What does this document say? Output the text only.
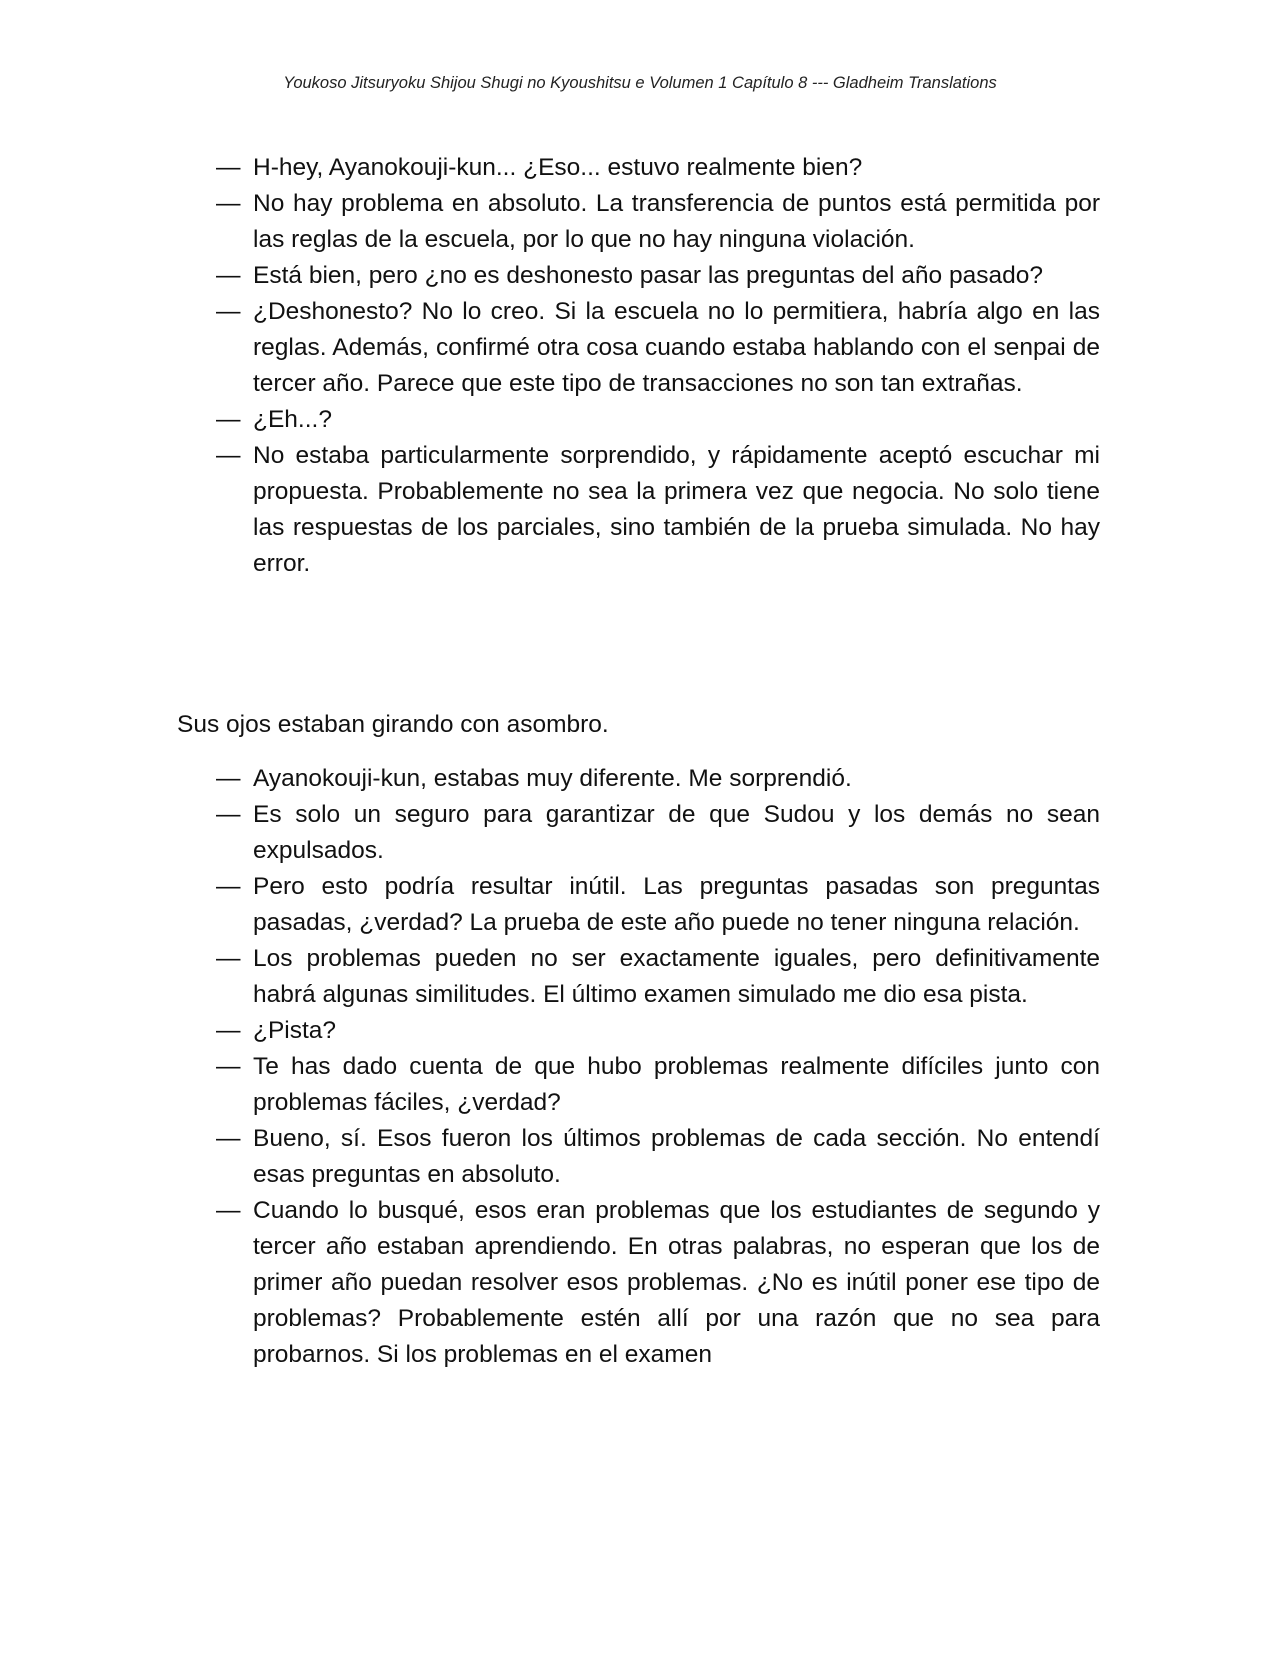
Youkoso Jitsuryoku Shijou Shugi no Kyoushitsu e Volumen 1 Capítulo 8 --- Gladheim Translations
— H-hey, Ayanokouji-kun... ¿Eso... estuvo realmente bien?
— No hay problema en absoluto. La transferencia de puntos está permitida por las reglas de la escuela, por lo que no hay ninguna violación.
— Está bien, pero ¿no es deshonesto pasar las preguntas del año pasado?
— ¿Deshonesto? No lo creo. Si la escuela no lo permitiera, habría algo en las reglas. Además, confirmé otra cosa cuando estaba hablando con el senpai de tercer año. Parece que este tipo de transacciones no son tan extrañas.
— ¿Eh...?
— No estaba particularmente sorprendido, y rápidamente aceptó escuchar mi propuesta. Probablemente no sea la primera vez que negocia. No solo tiene las respuestas de los parciales, sino también de la prueba simulada. No hay error.
Sus ojos estaban girando con asombro.
— Ayanokouji-kun, estabas muy diferente. Me sorprendió.
— Es solo un seguro para garantizar de que Sudou y los demás no sean expulsados.
— Pero esto podría resultar inútil. Las preguntas pasadas son preguntas pasadas, ¿verdad? La prueba de este año puede no tener ninguna relación.
— Los problemas pueden no ser exactamente iguales, pero definitivamente habrá algunas similitudes. El último examen simulado me dio esa pista.
— ¿Pista?
— Te has dado cuenta de que hubo problemas realmente difíciles junto con problemas fáciles, ¿verdad?
— Bueno, sí. Esos fueron los últimos problemas de cada sección. No entendí esas preguntas en absoluto.
— Cuando lo busqué, esos eran problemas que los estudiantes de segundo y tercer año estaban aprendiendo. En otras palabras, no esperan que los de primer año puedan resolver esos problemas. ¿No es inútil poner ese tipo de problemas? Probablemente estén allí por una razón que no sea para probarnos. Si los problemas en el examen
